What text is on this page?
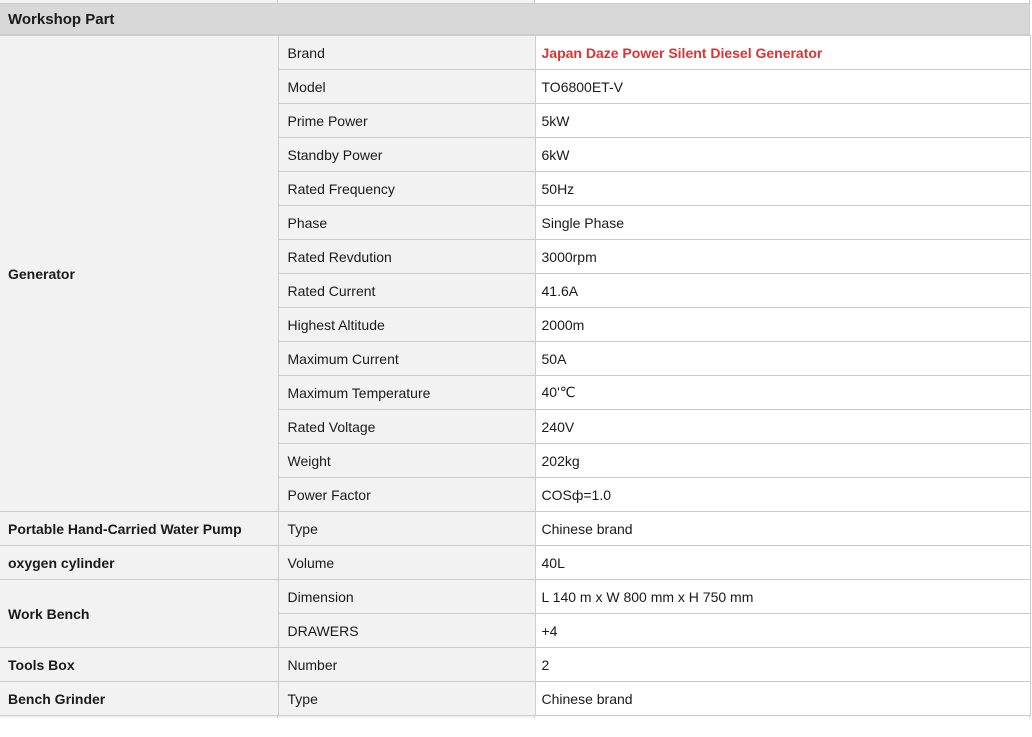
Workshop Part
Generator	Brand	Japan Daze Power Silent Diesel Generator
	Model	TO6800ET-V
	Prime Power	5kW
	Standby Power	6kW
	Rated Frequency	50Hz
	Phase	Single Phase
	Rated Revdution	3000rpm
	Rated Current	41.6A
	Highest Altitude	2000m
	Maximum Current	50A
	Maximum Temperature	40'℃
	Rated Voltage	240V
	Weight	202kg
	Power Factor	COSф=1.0
Portable Hand-Carried Water Pump	Type	Chinese brand
oxygen cylinder	Volume	40L
Work Bench	Dimension	L 140 m x W 800 mm x H 750 mm
	DRAWERS	+4
Tools Box	Number	2
Bench Grinder	Type	Chinese brand
